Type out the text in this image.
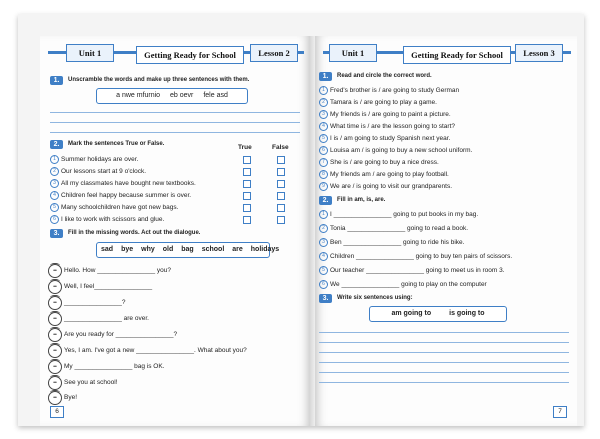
Unit 1	Getting Ready for School	Lesson 2
1.	Unscramble the words and make up three sentences with them.
a nwe mfurnio eb oevr fele asd
2.	Mark the sentences True or False.	True	False
1 Summer holidays are over.
2 Our lessons start at 9 o'clock.
3 All my classmates have bought new textbooks.
4 Children feel happy because summer is over.
5 Many schoolchildren have got new bags.
6 I like to work with scissors and glue.
3.	Fill in the missing words. Act out the dialogue.
sad bye why old bag school are holidays
••	Hello. How ________________ you?
••	Well, I feel________________
••	________________?
••	________________ are over.
••	Are you ready for ________________?
••	Yes, I am. I've got a new ________________. What about you?
••	My ________________ bag is OK.
••	See you at school!
••	Bye!
6
Unit 1	Getting Ready for School	Lesson 3
1.	Read and circle the correct word.
1 Fred's brother is / are going to study German
2 Tamara is / are going to play a game.
3 My friends is / are going to paint a picture.
4 What time is / are the lesson going to start?
5 I is / am going to study Spanish next year.
6 Louisa am / is going to buy a new school uniform.
7 She is / are going to buy a nice dress.
8 My friends am / are going to play football.
9 We are / is going to visit our grandparents.
2.	Fill in am, is, are.
1 I ________________ going to put books in my bag.
2 Tonia ________________ going to read a book.
3 Ben ________________ going to ride his bike.
4 Children ________________ going to buy ten pairs of scissors.
5 Our teacher ________________ going to meet us in room 3.
6 We ________________ going to play on the computer
3.	Write six sentences using:
am going to	is going to
7
